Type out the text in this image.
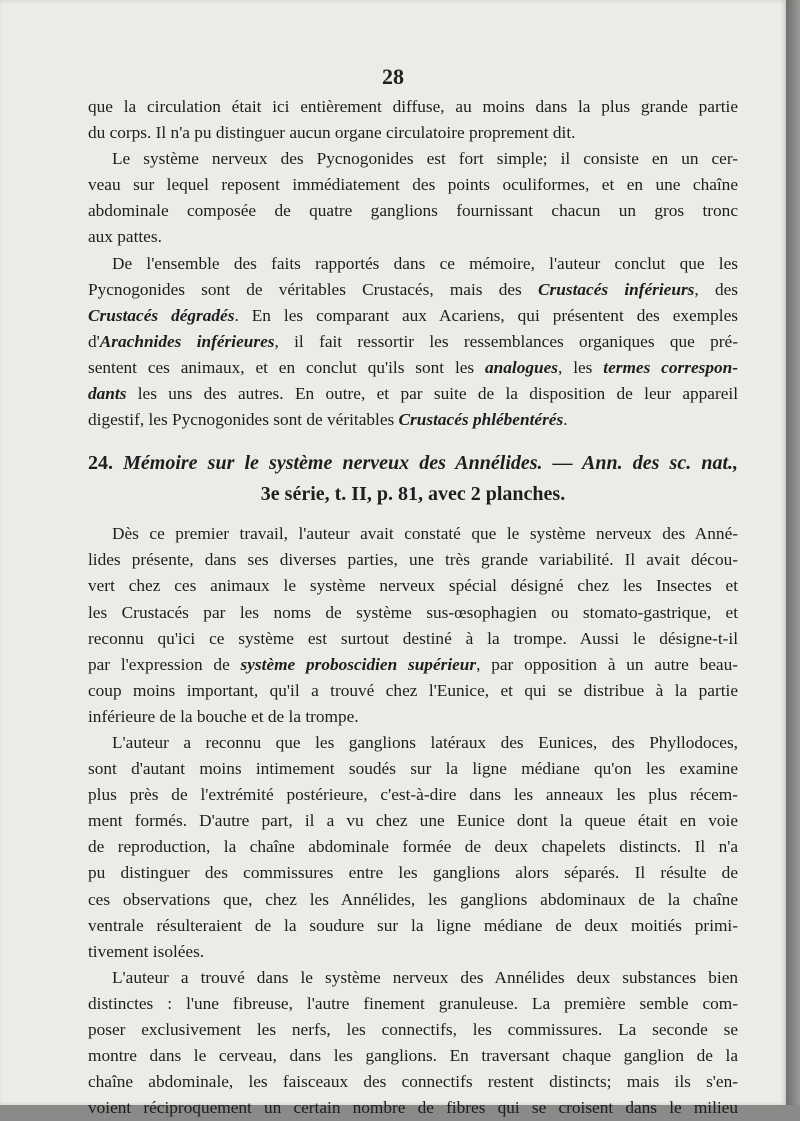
28
que la circulation était ici entièrement diffuse, au moins dans la plus grande partie
du corps. Il n'a pu distinguer aucun organe circulatoire proprement dit.
Le système nerveux des Pycnogonides est fort simple; il consiste en un cer-
veau sur lequel reposent immédiatement des points oculiformes, et en une chaîne
abdominale composée de quatre ganglions fournissant chacun un gros tronc
aux pattes.
De l'ensemble des faits rapportés dans ce mémoire, l'auteur conclut que les
Pycnogonides sont de véritables Crustacés, mais des Crustacés inférieurs, des
Crustacés dégradés. En les comparant aux Acariens, qui présentent des exemples
d'Arachnides inférieures, il fait ressortir les ressemblances organiques que pré-
sentent ces animaux, et en conclut qu'ils sont les analogues, les termes correspon-
dants les uns des autres. En outre, et par suite de la disposition de leur appareil
digestif, les Pycnogonides sont de véritables Crustacés phlébentérés.
24. Mémoire sur le système nerveux des Annélides. — Ann. des sc. nat.,
3e série, t. II, p. 81, avec 2 planches.
Dès ce premier travail, l'auteur avait constaté que le système nerveux des Anné-
lides présente, dans ses diverses parties, une très grande variabilité. Il avait décou-
vert chez ces animaux le système nerveux spécial désigné chez les Insectes et
les Crustacés par les noms de système sus-œsophagien ou stomato-gastrique, et
reconnu qu'ici ce système est surtout destiné à la trompe. Aussi le désigne-t-il
par l'expression de système proboscidien supérieur, par opposition à un autre beau-
coup moins important, qu'il a trouvé chez l'Eunice, et qui se distribue à la partie
inférieure de la bouche et de la trompe.
L'auteur a reconnu que les ganglions latéraux des Eunices, des Phyllodoces,
sont d'autant moins intimement soudés sur la ligne médiane qu'on les examine
plus près de l'extrémité postérieure, c'est-à-dire dans les anneaux les plus récem-
ment formés. D'autre part, il a vu chez une Eunice dont la queue était en voie
de reproduction, la chaîne abdominale formée de deux chapelets distincts. Il n'a
pu distinguer des commissures entre les ganglions alors séparés. Il résulte de
ces observations que, chez les Annélides, les ganglions abdominaux de la chaîne
ventrale résulteraient de la soudure sur la ligne médiane de deux moitiés primi-
tivement isolées.
L'auteur a trouvé dans le système nerveux des Annélides deux substances bien
distinctes : l'une fibreuse, l'autre finement granuleuse. La première semble com-
poser exclusivement les nerfs, les connectifs, les commissures. La seconde se
montre dans le cerveau, dans les ganglions. En traversant chaque ganglion de la
chaîne abdominale, les faisceaux des connectifs restent distincts; mais ils s'en-
voient réciproquement un certain nombre de fibres qui se croisent dans le milieu
